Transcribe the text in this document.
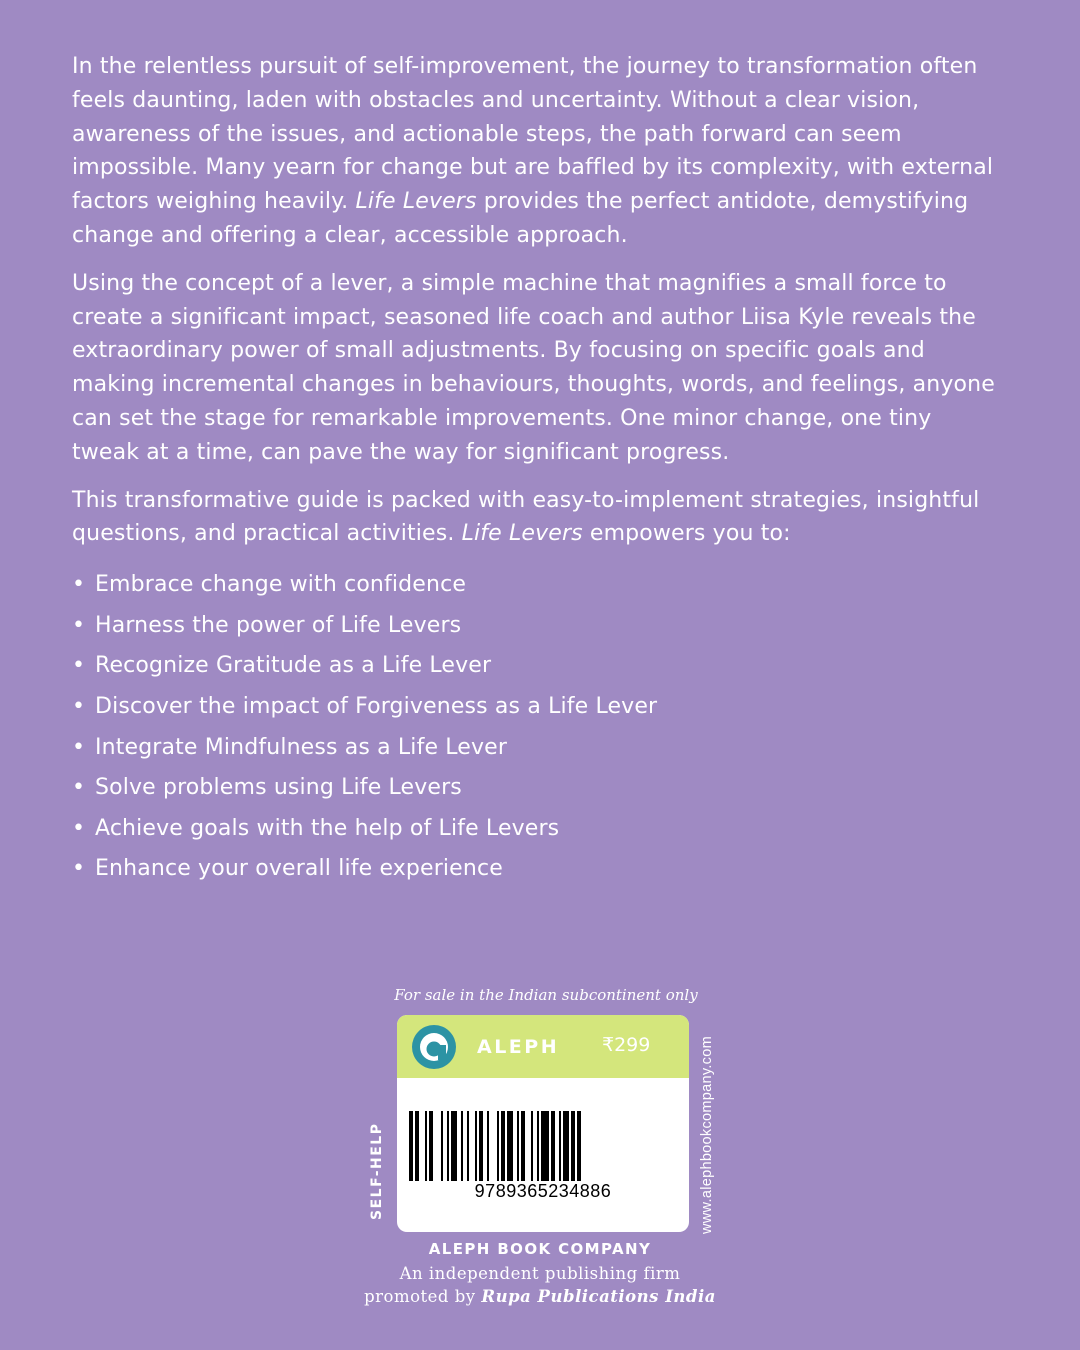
In the relentless pursuit of self-improvement, the journey to transformation often feels daunting, laden with obstacles and uncertainty. Without a clear vision, awareness of the issues, and actionable steps, the path forward can seem impossible. Many yearn for change but are baffled by its complexity, with external factors weighing heavily. Life Levers provides the perfect antidote, demystifying change and offering a clear, accessible approach.

Using the concept of a lever, a simple machine that magnifies a small force to create a significant impact, seasoned life coach and author Liisa Kyle reveals the extraordinary power of small adjustments. By focusing on specific goals and making incremental changes in behaviours, thoughts, words, and feelings, anyone can set the stage for remarkable improvements. One minor change, one tiny tweak at a time, can pave the way for significant progress.

This transformative guide is packed with easy-to-implement strategies, insightful questions, and practical activities. Life Levers empowers you to:

• Embrace change with confidence
• Harness the power of Life Levers
• Recognize Gratitude as a Life Lever
• Discover the impact of Forgiveness as a Life Lever
• Integrate Mindfulness as a Life Lever
• Solve problems using Life Levers
• Achieve goals with the help of Life Levers
• Enhance your overall life experience
For sale in the Indian subcontinent only
ALEPH ₹299
9789365234886
SELF-HELP	www.alephbookcompany.com
ALEPH BOOK COMPANY
An independent publishing firm
promoted by Rupa Publications India
